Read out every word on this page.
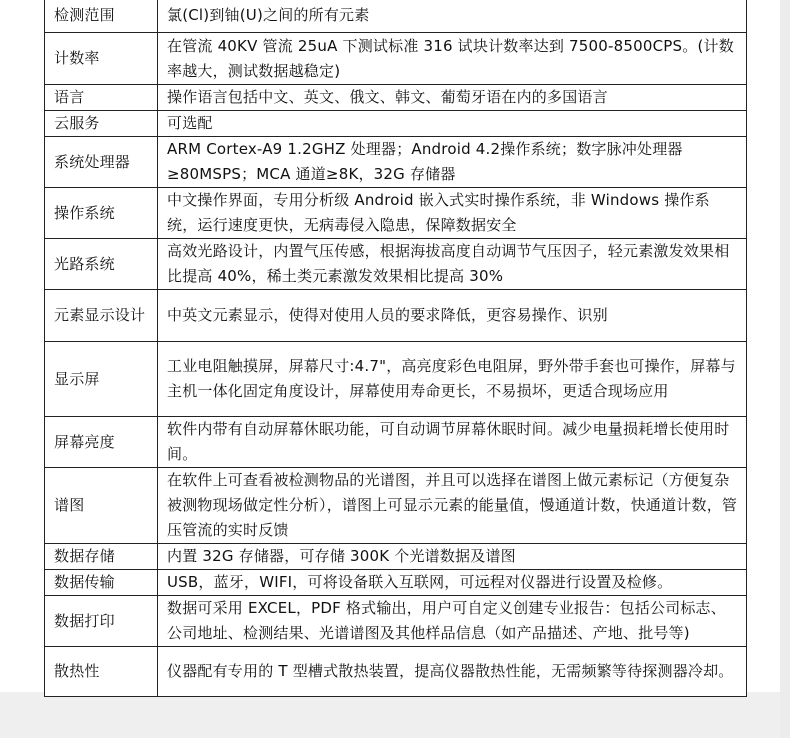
检测范围	氯(Cl)到铀(U)之间的所有元素
计数率	在管流 40KV 管流 25uA 下测试标准 316 试块计数率达到 7500-8500CPS。(计数率越大，测试数据越稳定)
语言	操作语言包括中文、英文、俄文、韩文、葡萄牙语在内的多国语言
云服务	可选配
系统处理器	ARM Cortex-A9 1.2GHZ 处理器；Android 4.2操作系统；数字脉冲处理器≥80MSPS；MCA 通道≥8K，32G 存储器
操作系统	中文操作界面，专用分析级 Android 嵌入式实时操作系统，非 Windows 操作系统，运行速度更快，无病毒侵入隐患，保障数据安全
光路系统	高效光路设计，内置气压传感，根据海拔高度自动调节气压因子，轻元素激发效果相比提高 40%，稀土类元素激发效果相比提高 30%
元素显示设计	中英文元素显示，使得对使用人员的要求降低，更容易操作、识别
显示屏	工业电阻触摸屏，屏幕尺寸:4.7"，高亮度彩色电阻屏，野外带手套也可操作，屏幕与主机一体化固定角度设计，屏幕使用寿命更长，不易损坏，更适合现场应用
屏幕亮度	软件内带有自动屏幕休眠功能，可自动调节屏幕休眠时间。减少电量损耗增长使用时间。
谱图	在软件上可查看被检测物品的光谱图，并且可以选择在谱图上做元素标记（方便复杂被测物现场做定性分析），谱图上可显示元素的能量值，慢通道计数，快通道计数，管压管流的实时反馈
数据存储	内置 32G 存储器，可存储 300K 个光谱数据及谱图
数据传输	USB，蓝牙，WIFI，可将设备联入互联网，可远程对仪器进行设置及检修。
数据打印	数据可采用 EXCEL，PDF 格式输出，用户可自定义创建专业报告：包括公司标志、公司地址、检测结果、光谱谱图及其他样品信息（如产品描述、产地、批号等)
散热性	仪器配有专用的 T 型槽式散热装置，提高仪器散热性能，无需频繁等待探测器冷却。
